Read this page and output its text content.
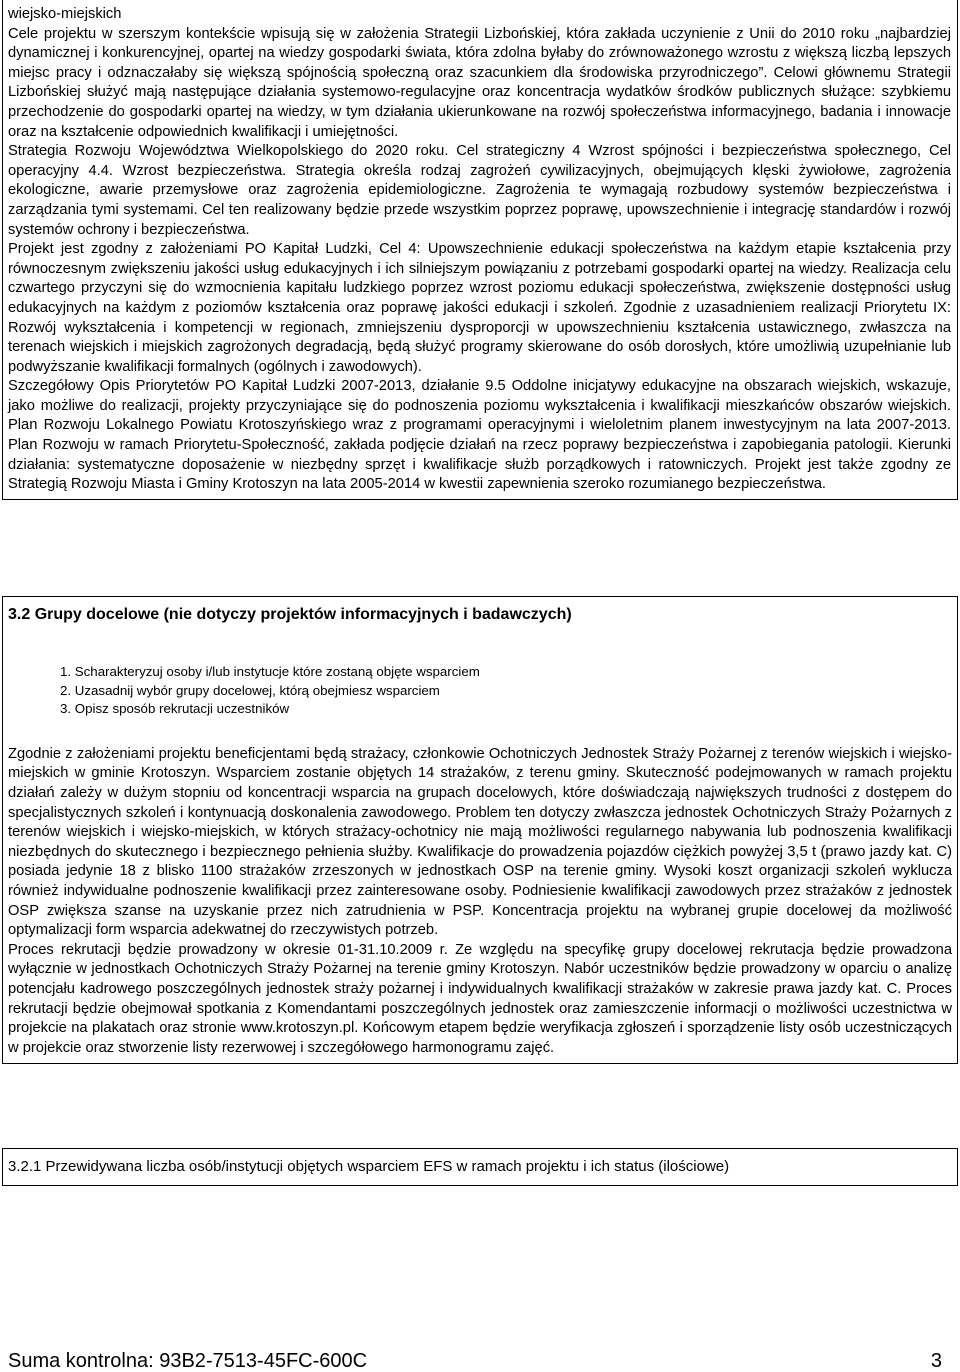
wiejsko-miejskich

Cele projektu w szerszym kontekście wpisują się w założenia Strategii Lizbońskiej, która zakłada uczynienie z Unii do 2010 roku „najbardziej dynamicznej i konkurencyjnej, opartej na wiedzy gospodarki świata, która zdolna byłaby do zrównoważonego wzrostu z większą liczbą lepszych miejsc pracy i odznaczałaby się większą spójnością społeczną oraz szacunkiem dla środowiska przyrodniczego”. Celowi głównemu Strategii Lizbońskiej służyć mają następujące działania systemowo-regulacyjne oraz koncentracja wydatków środków publicznych służące: szybkiemu przechodzenie do gospodarki opartej na wiedzy, w tym działania ukierunkowane na rozwój społeczeństwa informacyjnego, badania i innowacje oraz na kształcenie odpowiednich kwalifikacji i umiejętności.

Strategia Rozwoju Województwa Wielkopolskiego do 2020 roku. Cel strategiczny 4 Wzrost spójności i bezpieczeństwa społecznego, Cel operacyjny 4.4. Wzrost bezpieczeństwa. Strategia określa rodzaj zagrożeń cywilizacyjnych, obejmujących klęski żywiołowe, zagrożenia ekologiczne, awarie przemysłowe oraz zagrożenia epidemiologiczne. Zagrożenia te wymagają rozbudowy systemów bezpieczeństwa i zarządzania tymi systemami. Cel ten realizowany będzie przede wszystkim poprzez poprawę, upowszechnienie i integrację standardów i rozwój systemów ochrony i bezpieczeństwa.

Projekt jest zgodny z założeniami PO Kapitał Ludzki, Cel 4: Upowszechnienie edukacji społeczeństwa na każdym etapie kształcenia przy równoczesnym zwiększeniu jakości usług edukacyjnych i ich silniejszym powiązaniu z potrzebami gospodarki opartej na wiedzy. Realizacja celu czwartego przyczyni się do wzmocnienia kapitału ludzkiego poprzez wzrost poziomu edukacji społeczeństwa, zwiększenie dostępności usług edukacyjnych na każdym z poziomów kształcenia oraz poprawę jakości edukacji i szkoleń. Zgodnie z uzasadnieniem realizacji Priorytetu IX: Rozwój wykształcenia i kompetencji w regionach, zmniejszeniu dysproporcji w upowszechnieniu kształcenia ustawicznego, zwłaszcza na terenach wiejskich i miejskich zagrożonych degradacją, będą służyć programy skierowane do osób dorosłych, które umożliwią uzupełnianie lub podwyższanie kwalifikacji formalnych (ogólnych i zawodowych).

Szczegółowy Opis Priorytetów PO Kapitał Ludzki 2007-2013, działanie 9.5 Oddolne inicjatywy edukacyjne na obszarach wiejskich, wskazuje, jako możliwe do realizacji, projekty przyczyniające się do podnoszenia poziomu wykształcenia i kwalifikacji mieszkańców obszarów wiejskich. Plan Rozwoju Lokalnego Powiatu Krotoszyńskiego wraz z programami operacyjnymi i wieloletnim planem inwestycyjnym na lata 2007-2013. Plan Rozwoju w ramach Priorytetu-Społeczność, zakłada podjęcie działań na rzecz poprawy bezpieczeństwa i zapobiegania patologii. Kierunki działania: systematyczne doposażenie w niezbędny sprzęt i kwalifikacje służb porządkowych i ratowniczych. Projekt jest także zgodny ze Strategią Rozwoju Miasta i Gminy Krotoszyn na lata 2005-2014 w kwestii zapewnienia szeroko rozumianego bezpieczeństwa.

3.2 Grupy docelowe (nie dotyczy projektów informacyjnych i badawczych)
1. Scharakteryzuj osoby i/lub instytucje które zostaną objęte wsparciem
2. Uzasadnij wybór grupy docelowej, którą obejmiesz wsparciem
3. Opisz sposób rekrutacji uczestników

Zgodnie z założeniami projektu beneficjentami będą strażacy, członkowie Ochotniczych Jednostek Straży Pożarnej z terenów wiejskich i wiejsko-miejskich w gminie Krotoszyn. Wsparciem zostanie objętych 14 strażaków, z terenu gminy. Skuteczność podejmowanych w ramach projektu działań zależy w dużym stopniu od koncentracji wsparcia na grupach docelowych, które doświadczają największych trudności z dostępem do specjalistycznych szkoleń i kontynuacją doskonalenia zawodowego. Problem ten dotyczy zwłaszcza jednostek Ochotniczych Straży Pożarnych z terenów wiejskich i wiejsko-miejskich, w których strażacy-ochotnicy nie mają możliwości regularnego nabywania lub podnoszenia kwalifikacji niezbędnych do skutecznego i bezpiecznego pełnienia służby. Kwalifikacje do prowadzenia pojazdów ciężkich powyżej 3,5 t (prawo jazdy kat. C) posiada jedynie 18 z blisko 1100 strażaków zrzeszonych w jednostkach OSP na terenie gminy. Wysoki koszt organizacji szkoleń wyklucza również indywidualne podnoszenie kwalifikacji przez zainteresowane osoby. Podniesienie kwalifikacji zawodowych przez strażaków z jednostek OSP zwiększa szanse na uzyskanie przez nich zatrudnienia w PSP. Koncentracja projektu na wybranej grupie docelowej da możliwość optymalizacji form wsparcia adekwatnej do rzeczywistych potrzeb.

Proces rekrutacji będzie prowadzony w okresie 01-31.10.2009 r. Ze względu na specyfikę grupy docelowej rekrutacja będzie prowadzona wyłącznie w jednostkach Ochotniczych Straży Pożarnej na terenie gminy Krotoszyn. Nabór uczestników będzie prowadzony w oparciu o analizę potencjału kadrowego poszczególnych jednostek straży pożarnej i indywidualnych kwalifikacji strażaków w zakresie prawa jazdy kat. C. Proces rekrutacji będzie obejmował spotkania z Komendantami poszczególnych jednostek oraz zamieszczenie informacji o możliwości uczestnictwa w projekcie na plakatach oraz stronie www.krotoszyn.pl. Końcowym etapem będzie weryfikacja zgłoszeń i sporządzenie listy osób uczestniczących w projekcie oraz stworzenie listy rezerwowej i szczegółowego harmonogramu zajęć.

3.2.1 Przewidywana liczba osób/instytucji objętych wsparciem EFS w ramach projektu i ich status (ilościowe)
Suma kontrolna: 93B2-7513-45FC-600C	3
